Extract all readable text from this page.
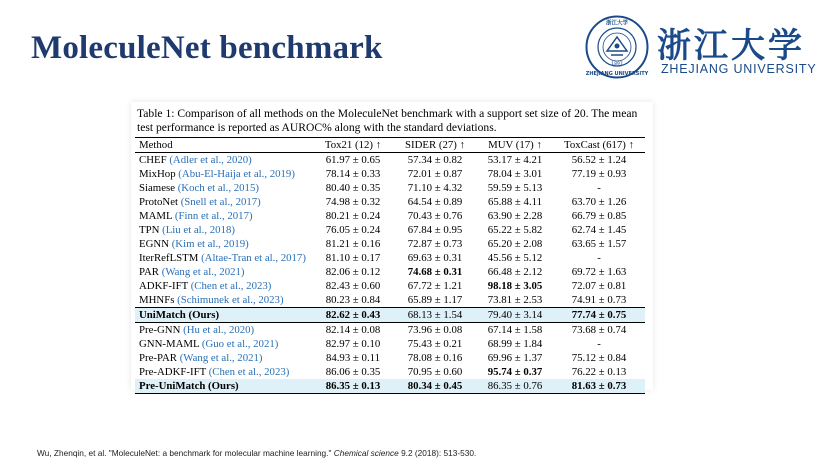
MoleculeNet benchmark
浙江大学
ZHEJIANG UNIVERSITY
1897 浙江大学
ZHEJIANG UNIVERSITY
Table 1: Comparison of all methods on the MoleculeNet benchmark with a support set size of 20. The mean test performance is reported as AUROC% along with the standard deviations.
Method	Tox21 (12) ↑	SIDER (27) ↑	MUV (17) ↑	ToxCast (617) ↑
CHEF (Adler et al., 2020)	61.97 ± 0.65	57.34 ± 0.82	53.17 ± 4.21	56.52 ± 1.24
MixHop (Abu-El-Haija et al., 2019)	78.14 ± 0.33	72.01 ± 0.87	78.04 ± 3.01	77.19 ± 0.93
Siamese (Koch et al., 2015)	80.40 ± 0.35	71.10 ± 4.32	59.59 ± 5.13	-
ProtoNet (Snell et al., 2017)	74.98 ± 0.32	64.54 ± 0.89	65.88 ± 4.11	63.70 ± 1.26
MAML (Finn et al., 2017)	80.21 ± 0.24	70.43 ± 0.76	63.90 ± 2.28	66.79 ± 0.85
TPN (Liu et al., 2018)	76.05 ± 0.24	67.84 ± 0.95	65.22 ± 5.82	62.74 ± 1.45
EGNN (Kim et al., 2019)	81.21 ± 0.16	72.87 ± 0.73	65.20 ± 2.08	63.65 ± 1.57
IterRefLSTM (Altae-Tran et al., 2017)	81.10 ± 0.17	69.63 ± 0.31	45.56 ± 5.12	-
PAR (Wang et al., 2021)	82.06 ± 0.12	74.68 ± 0.31	66.48 ± 2.12	69.72 ± 1.63
ADKF-IFT (Chen et al., 2023)	82.43 ± 0.60	67.72 ± 1.21	98.18 ± 3.05	72.07 ± 0.81
MHNFs (Schimunek et al., 2023)	80.23 ± 0.84	65.89 ± 1.17	73.81 ± 2.53	74.91 ± 0.73
UniMatch (Ours)	82.62 ± 0.43	68.13 ± 1.54	79.40 ± 3.14	77.74 ± 0.75
Pre-GNN (Hu et al., 2020)	82.14 ± 0.08	73.96 ± 0.08	67.14 ± 1.58	73.68 ± 0.74
GNN-MAML (Guo et al., 2021)	82.97 ± 0.10	75.43 ± 0.21	68.99 ± 1.84	-
Pre-PAR (Wang et al., 2021)	84.93 ± 0.11	78.08 ± 0.16	69.96 ± 1.37	75.12 ± 0.84
Pre-ADKF-IFT (Chen et al., 2023)	86.06 ± 0.35	70.95 ± 0.60	95.74 ± 0.37	76.22 ± 0.13
Pre-UniMatch (Ours)	86.35 ± 0.13	80.34 ± 0.45	86.35 ± 0.76	81.63 ± 0.73
Wu, Zhenqin, et al. "MoleculeNet: a benchmark for molecular machine learning." Chemical science 9.2 (2018): 513-530.
